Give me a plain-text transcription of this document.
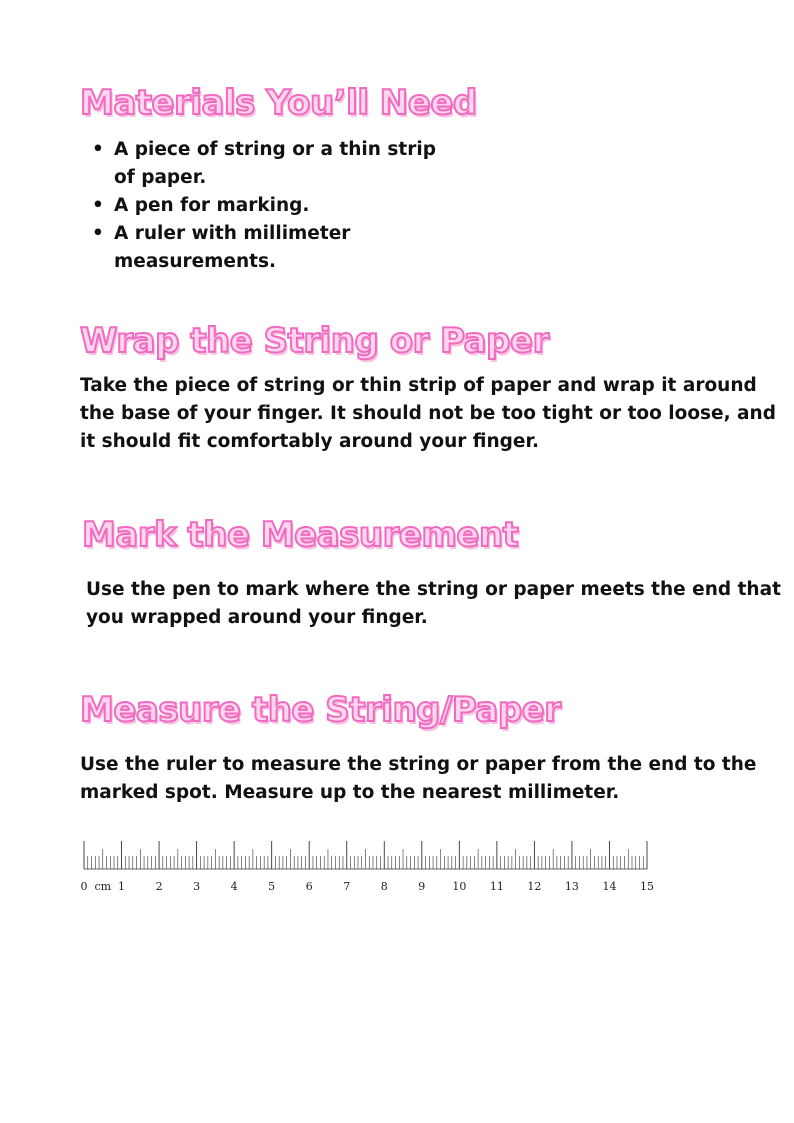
Materials You’ll Need
• A piece of string or a thin strip of paper.
• A pen for marking.
• A ruler with millimeter measurements.
Wrap the String or Paper

Take the piece of string or thin strip of paper and wrap it around the base of your finger. It should not be too tight or too loose, and it should fit comfortably around your finger.

Mark the Measurement

Use the pen to mark where the string or paper meets the end that you wrapped around your finger.

Measure the String/Paper

Use the ruler to measure the string or paper from the end to the marked spot. Measure up to the nearest millimeter.

0	1	2	3	4	5	6	7	8	9 10 11 12 13 14 15
cm
